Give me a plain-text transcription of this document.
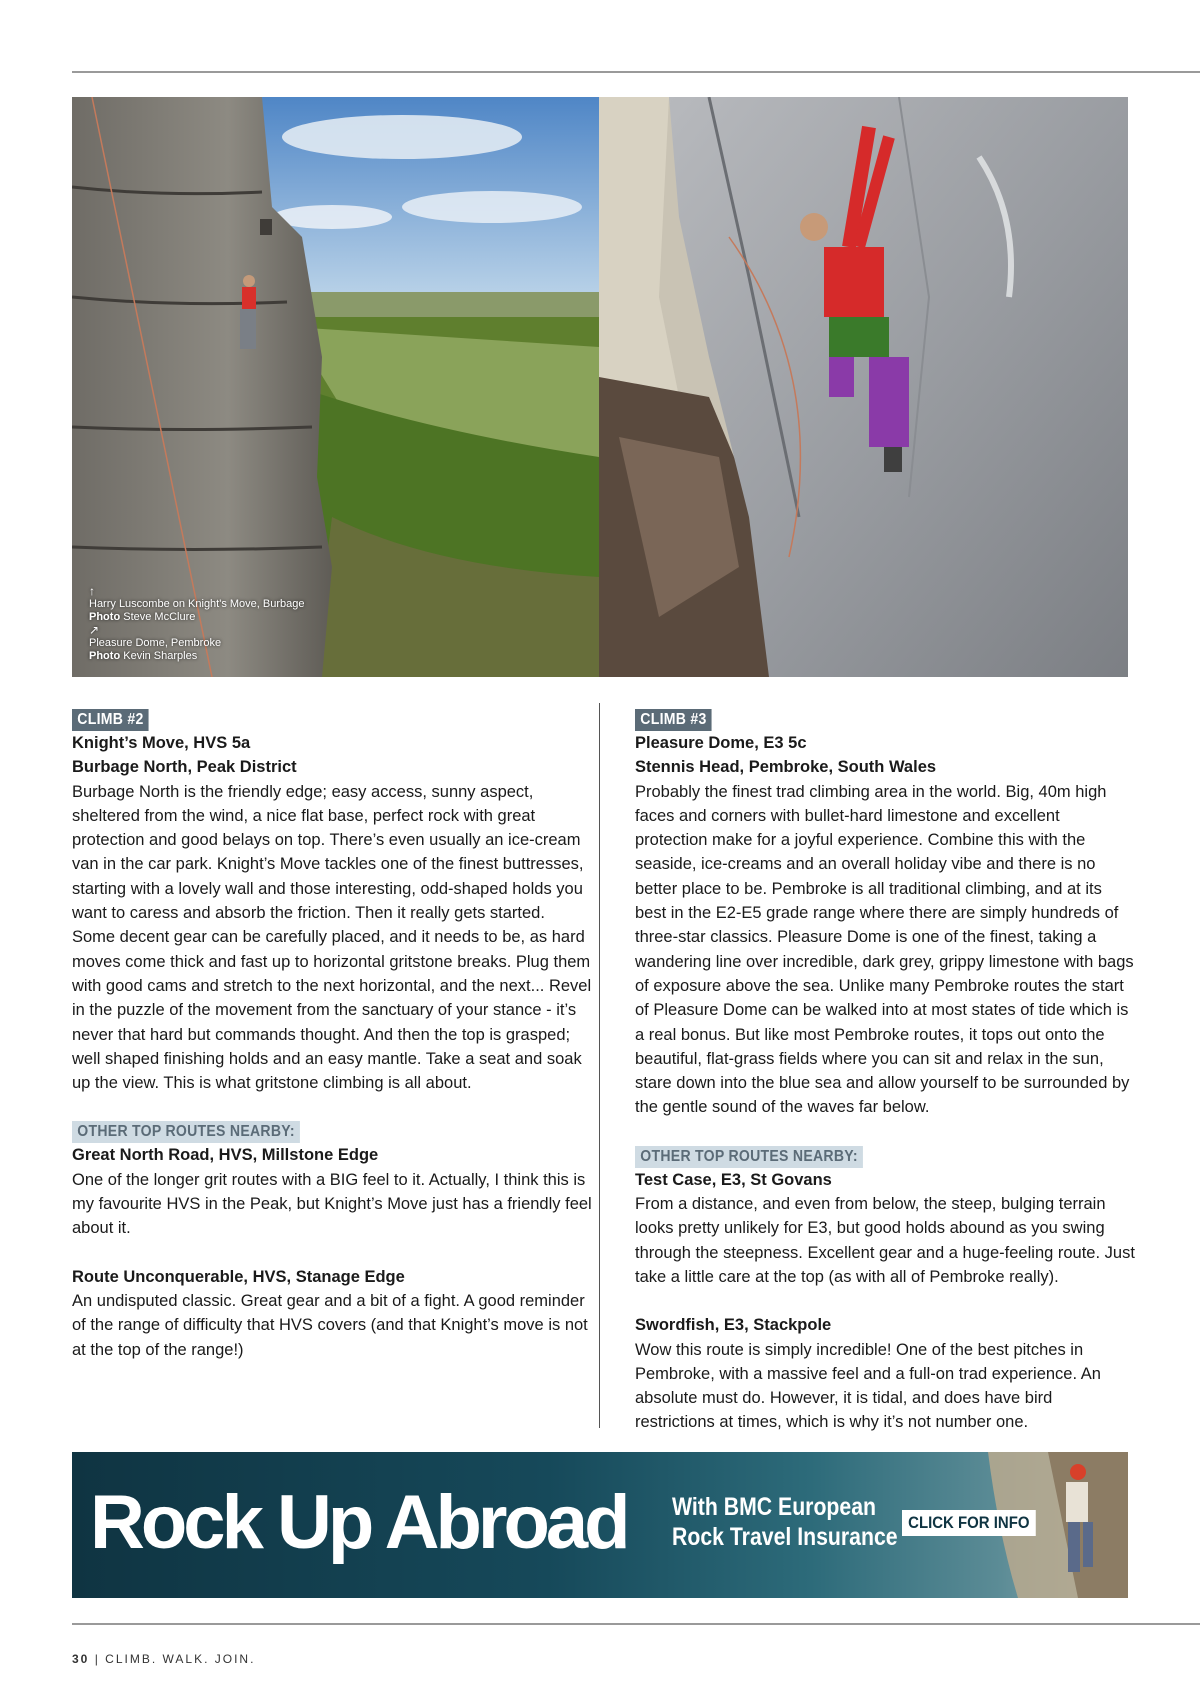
↑
Harry Luscombe on Knight's Move, Burbage
Photo Steve McClure
↗
Pleasure Dome, Pembroke
Photo Kevin Sharples
CLIMB #2
Knight’s Move, HVS 5a
Burbage North, Peak District

Burbage North is the friendly edge; easy access, sunny aspect, sheltered from the wind, a nice flat base, perfect rock with great protection and good belays on top. There’s even usually an ice-cream van in the car park. Knight’s Move tackles one of the finest buttresses, starting with a lovely wall and those interesting, odd-shaped holds you want to caress and absorb the friction. Then it really gets started. Some decent gear can be carefully placed, and it needs to be, as hard moves come thick and fast up to horizontal gritstone breaks. Plug them with good cams and stretch to the next horizontal, and the next... Revel in the puzzle of the movement from the sanctuary of your stance - it’s never that hard but commands thought. And then the top is grasped; well shaped finishing holds and an easy mantle. Take a seat and soak up the view. This is what gritstone climbing is all about.

OTHER TOP ROUTES NEARBY:
Great North Road, HVS, Millstone Edge

One of the longer grit routes with a BIG feel to it. Actually, I think this is my favourite HVS in the Peak, but Knight’s Move just has a friendly feel about it.

Route Unconquerable, HVS, Stanage Edge

An undisputed classic. Great gear and a bit of a fight. A good reminder of the range of difficulty that HVS covers (and that Knight’s move is not at the top of the range!)

CLIMB #3
Pleasure Dome, E3 5c
Stennis Head, Pembroke, South Wales

Probably the finest trad climbing area in the world. Big, 40m high faces and corners with bullet-hard limestone and excellent protection make for a joyful experience. Combine this with the seaside, ice-creams and an overall holiday vibe and there is no better place to be. Pembroke is all traditional climbing, and at its best in the E2-E5 grade range where there are simply hundreds of three-star classics. Pleasure Dome is one of the finest, taking a wandering line over incredible, dark grey, grippy limestone with bags of exposure above the sea. Unlike many Pembroke routes the start of Pleasure Dome can be walked into at most states of tide which is a real bonus. But like most Pembroke routes, it tops out onto the beautiful, flat-grass fields where you can sit and relax in the sun, stare down into the blue sea and allow yourself to be surrounded by the gentle sound of the waves far below.

OTHER TOP ROUTES NEARBY:
Test Case, E3, St Govans

From a distance, and even from below, the steep, bulging terrain looks pretty unlikely for E3, but good holds abound as you swing through the steepness. Excellent gear and a huge-feeling route. Just take a little care at the top (as with all of Pembroke really).

Swordfish, E3, Stackpole

Wow this route is simply incredible! One of the best pitches in Pembroke, with a massive feel and a full-on trad experience. An absolute must do. However, it is tidal, and does have bird restrictions at times, which is why it’s not number one.

Rock Up Abroad With BMC European
Rock Travel Insurance
CLICK FOR INFO
30 | CLIMB. WALK. JOIN.
